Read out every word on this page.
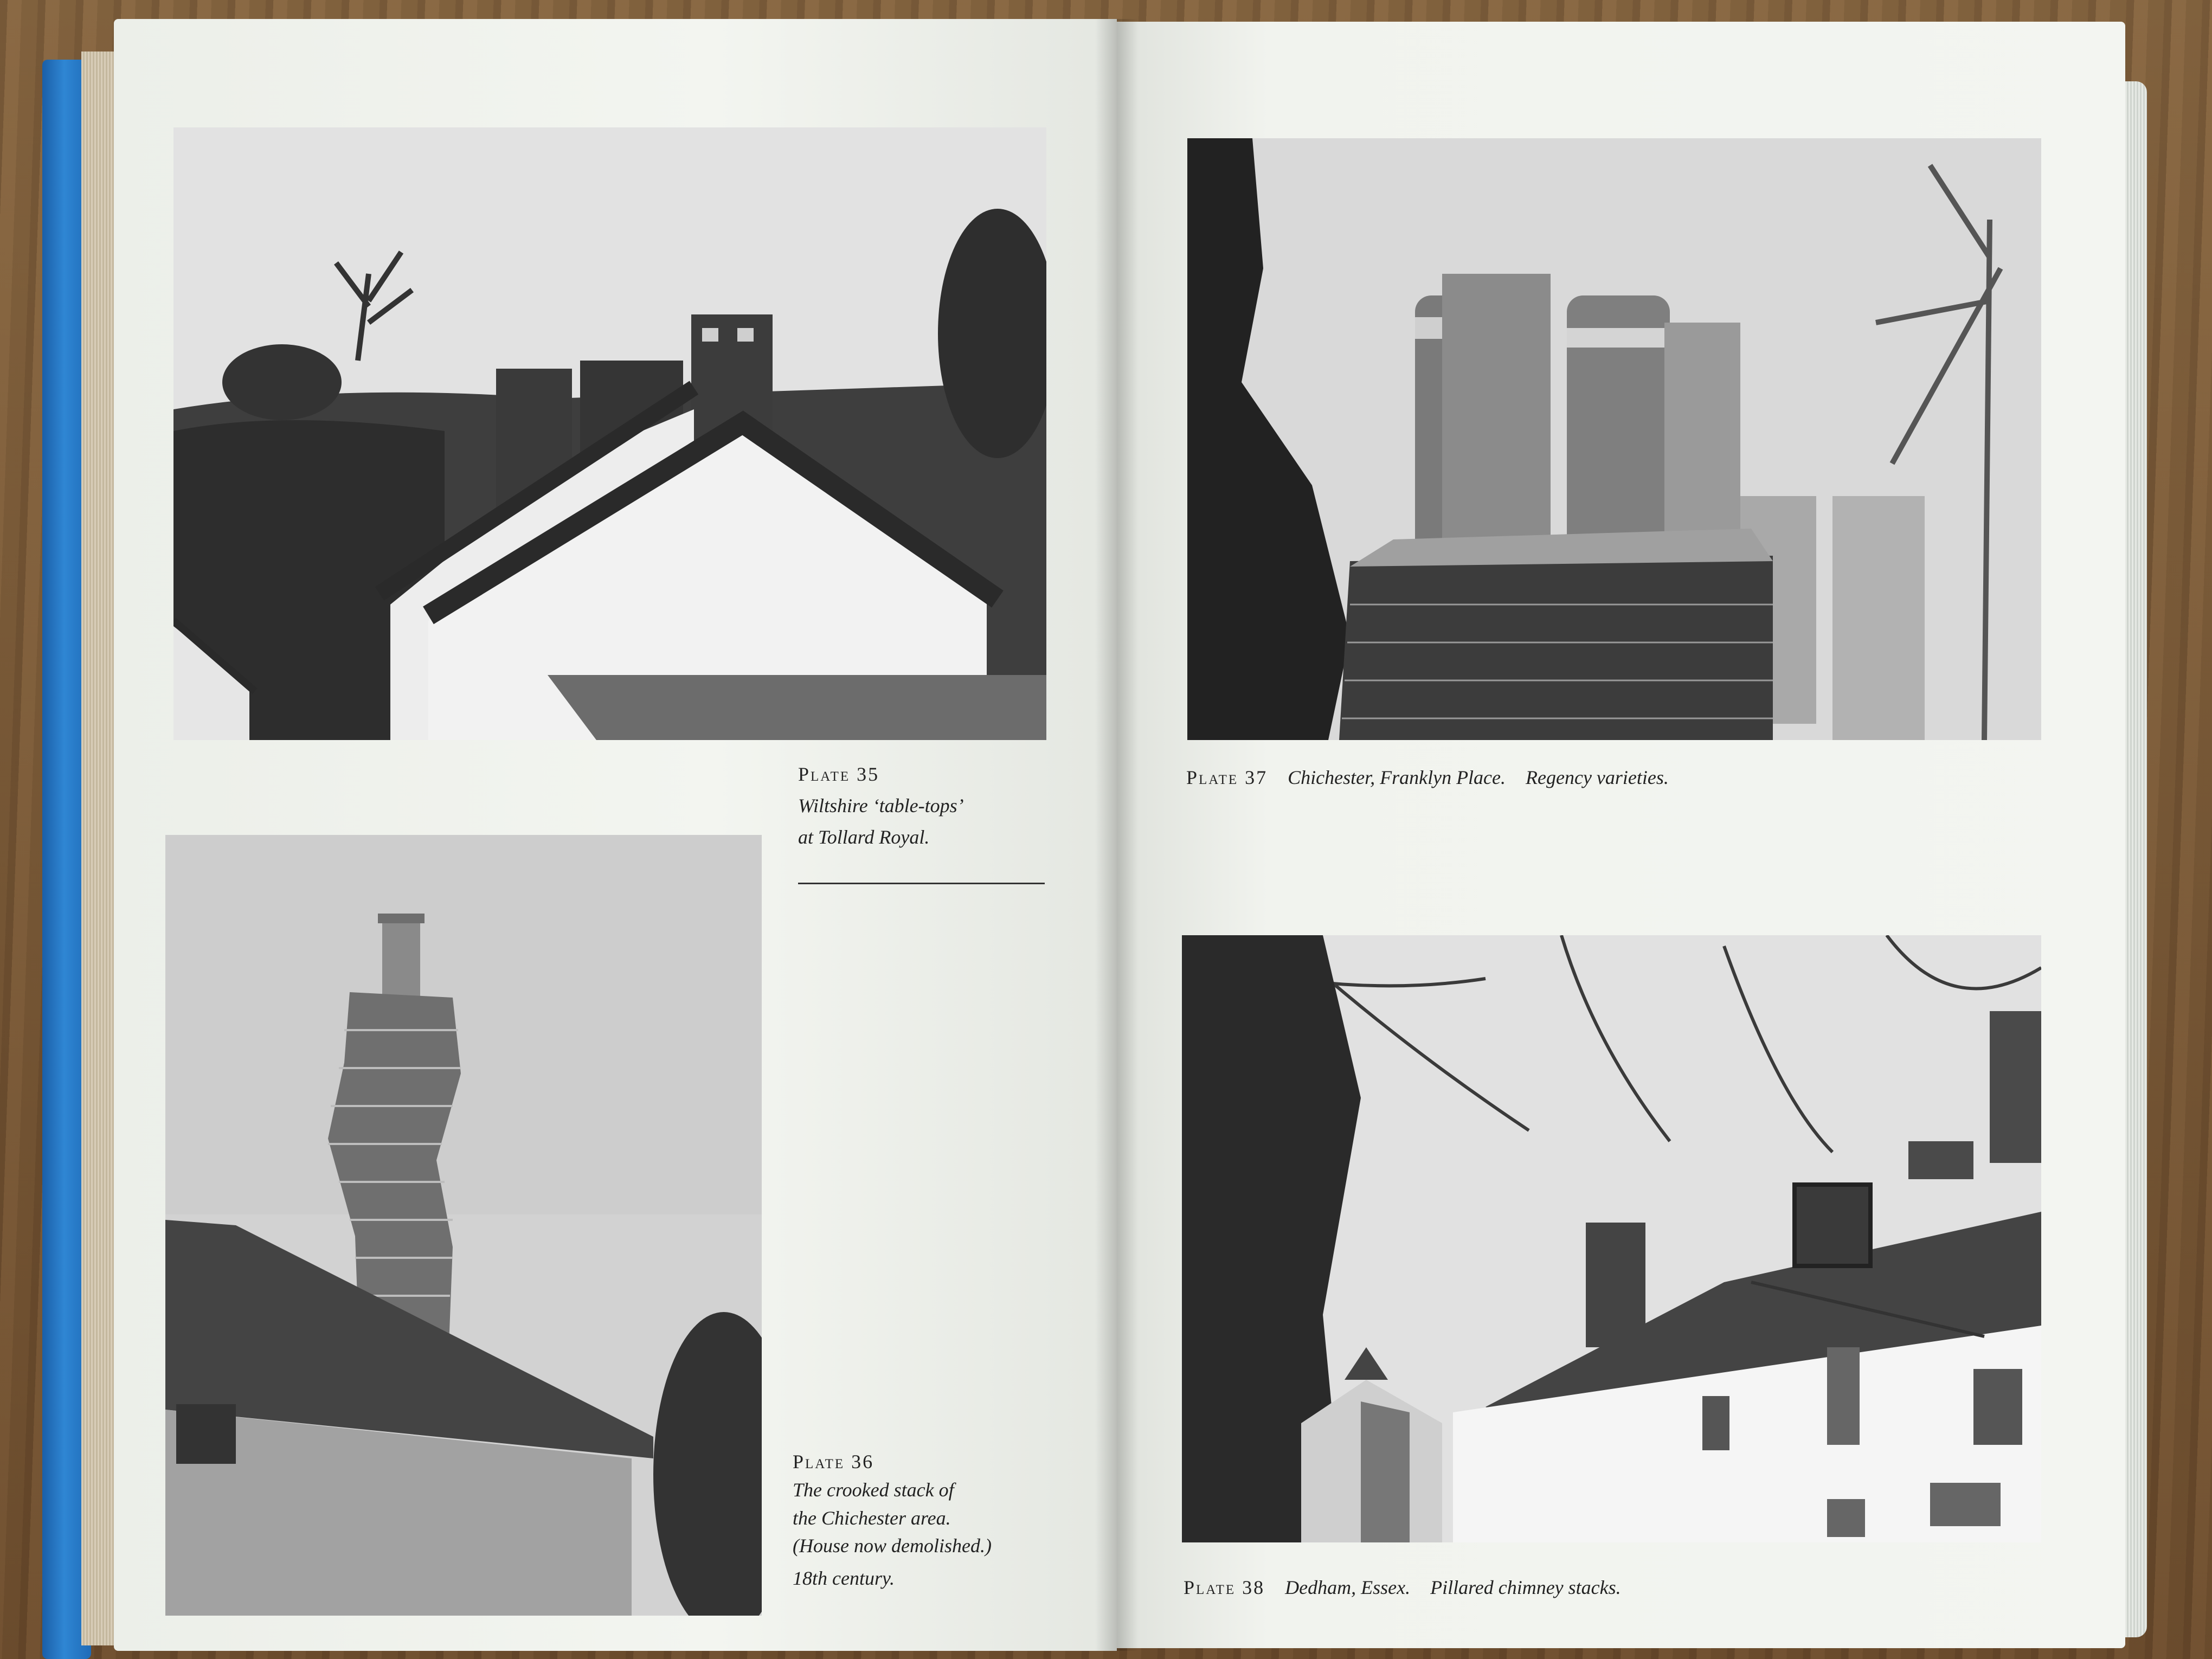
Plate 35
Wiltshire ‘table-tops’
at Tollard Royal.
Plate 36
The crooked stack of
the Chichester area.
(House now demolished.)
18th century.
Plate 37 Chichester, Franklyn Place. Regency varieties.
Plate 38 Dedham, Essex. Pillared chimney stacks.
